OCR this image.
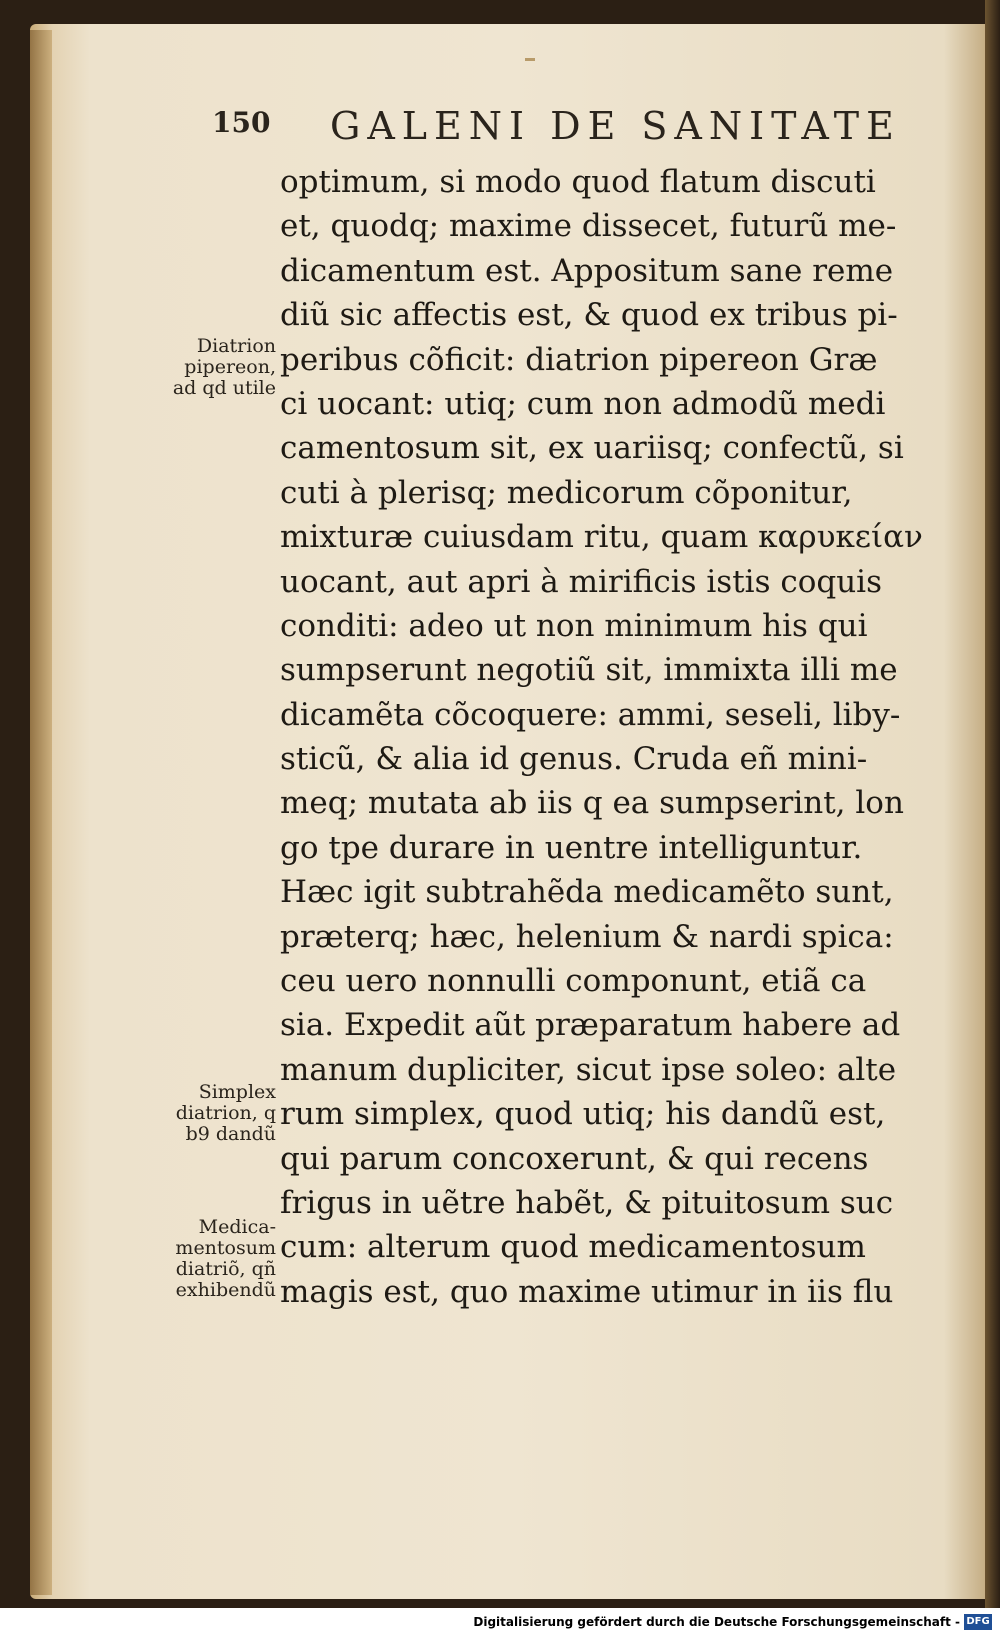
150 GALENI DE SANITATE
optimum, si modo quod flatum discuti
et, quodq; maxime dissecet, futurũ me-
dicamentum est. Appositum sane reme
diũ sic affectis est, & quod ex tribus pi-
peribus cõficit: diatrion pipereon Græ
ci uocant: utiq; cum non admodũ medi
camentosum sit, ex uariisq; confectũ, si
cuti à plerisq; medicorum cõponitur,
mixturæ cuiusdam ritu, quam καρυκείαν
uocant, aut apri à mirificis istis coquis
conditi: adeo ut non minimum his qui
sumpserunt negotiũ sit, immixta illi me
dicamẽta cõcoquere: ammi, seseli, liby-
sticũ, & alia id genus. Cruda eñ mini-
meq; mutata ab iis q ea sumpserint, lon
go tpe durare in uentre intelliguntur.
Hæc igit subtrahẽda medicamẽto sunt,
præterq; hæc, helenium & nardi spica:
ceu uero nonnulli componunt, etiã ca
sia. Expedit aũt præparatum habere ad
manum dupliciter, sicut ipse soleo: alte
rum simplex, quod utiq; his dandũ est,
qui parum concoxerunt, & qui recens
frigus in uẽtre habẽt, & pituitosum suc
cum: alterum quod medicamentosum
magis est, quo maxime utimur in iis flu
Diatrion
pipereon,
ad qd utile
Simplex
diatrion, q
b9 dandũ
Medica-
mentosum
diatriõ, qñ
exhibendũ
Digitalisierung gefördert durch die Deutsche Forschungsgemeinschaft - DFG
